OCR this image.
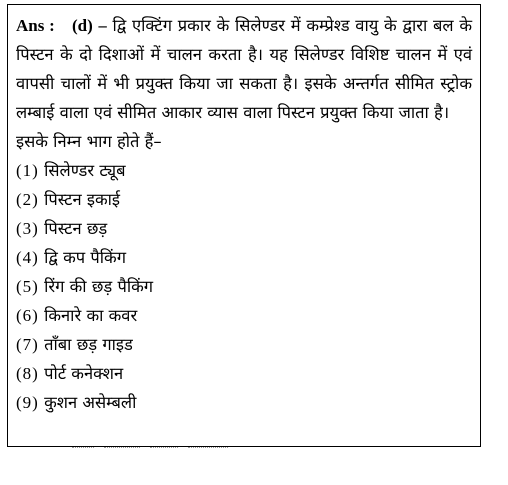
Ans : (d) – द्वि एक्टिंग प्रकार के सिलेण्डर में कम्प्रेश्ड वायु के द्वारा बल के पिस्टन के दो दिशाओं में चालन करता है। यह सिलेण्डर विशिष्ट चालन में एवं वापसी चालों में भी प्रयुक्त किया जा सकता है। इसके अन्तर्गत सीमित स्ट्रोक लम्बाई वाला एवं सीमित आकार व्यास वाला पिस्टन प्रयुक्त किया जाता है।

इसके निम्न भाग होते हैं–

(1) सिलेण्डर ट्यूब

(2) पिस्टन इकाई

(3) पिस्टन छड़

(4) द्वि कप पैकिंग

(5) रिंग की छड़ पैकिंग

(6) किनारे का कवर

(7) ताँबा छड़ गाइड

(8) पोर्ट कनेक्शन

(9) कुशन असेम्बली
